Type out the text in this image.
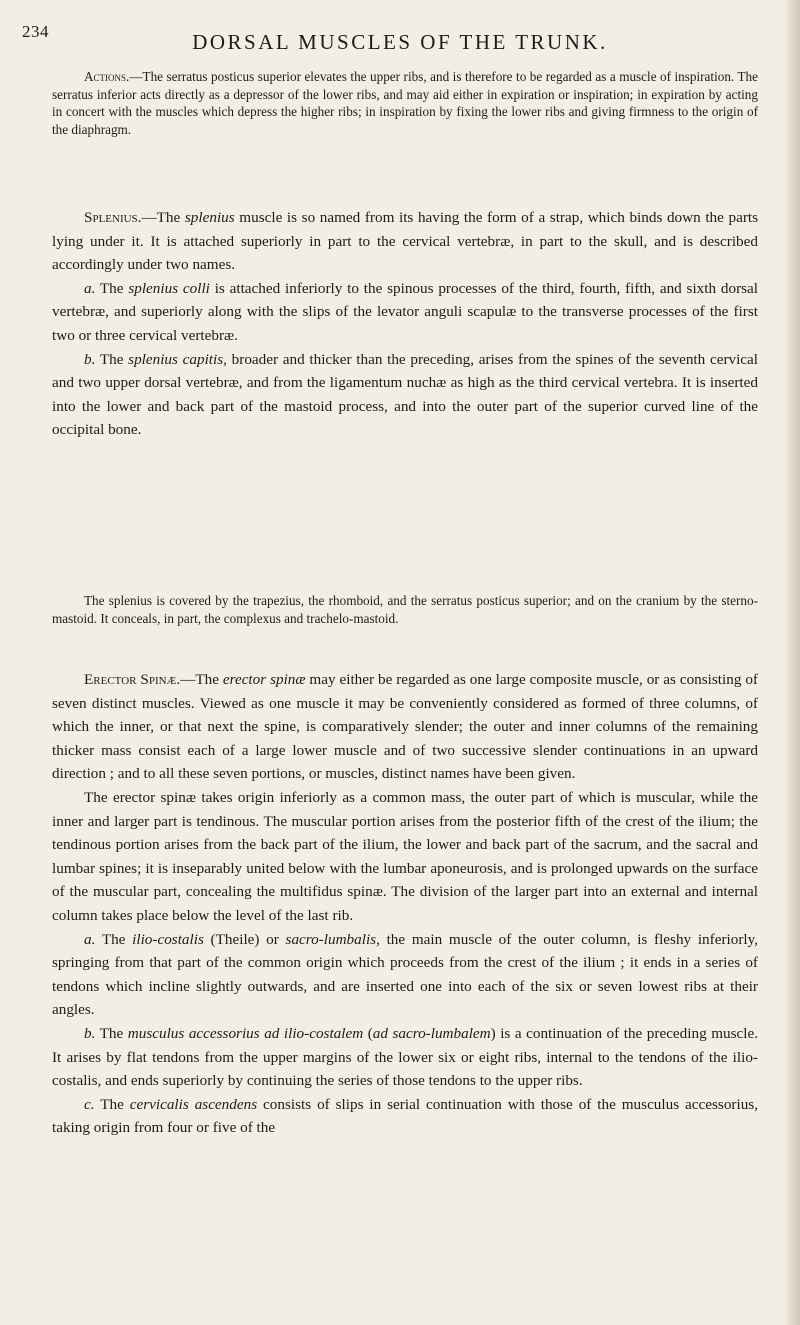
234	DORSAL MUSCLES OF THE TRUNK.

Actions.—The serratus posticus superior elevates the upper ribs, and is therefore to be regarded as a muscle of inspiration. The serratus inferior acts directly as a depressor of the lower ribs, and may aid either in expiration or inspiration; in expiration by acting in concert with the muscles which depress the higher ribs; in inspiration by fixing the lower ribs and giving firmness to the origin of the diaphragm.

Splenius.—The splenius muscle is so named from its having the form of a strap, which binds down the parts lying under it. It is attached superiorly in part to the cervical vertebræ, in part to the skull, and is described accordingly under two names.

a. The splenius colli is attached inferiorly to the spinous processes of the third, fourth, fifth, and sixth dorsal vertebræ, and superiorly along with the slips of the levator anguli scapulæ to the transverse processes of the first two or three cervical vertebræ.

b. The splenius capitis, broader and thicker than the preceding, arises from the spines of the seventh cervical and two upper dorsal vertebræ, and from the ligamentum nuchæ as high as the third cervical vertebra. It is inserted into the lower and back part of the mastoid process, and into the outer part of the superior curved line of the occipital bone.

The splenius is covered by the trapezius, the rhomboid, and the serratus posticus superior; and on the cranium by the sterno-mastoid. It conceals, in part, the complexus and trachelo-mastoid.

Erector Spinæ.—The erector spinæ may either be regarded as one large composite muscle, or as consisting of seven distinct muscles. Viewed as one muscle it may be conveniently considered as formed of three columns, of which the inner, or that next the spine, is comparatively slender; the outer and inner columns of the remaining thicker mass consist each of a large lower muscle and of two successive slender continuations in an upward direction ; and to all these seven portions, or muscles, distinct names have been given.

The erector spinæ takes origin inferiorly as a common mass, the outer part of which is muscular, while the inner and larger part is tendinous. The muscular portion arises from the posterior fifth of the crest of the ilium; the tendinous portion arises from the back part of the ilium, the lower and back part of the sacrum, and the sacral and lumbar spines; it is inseparably united below with the lumbar aponeurosis, and is prolonged upwards on the surface of the muscular part, concealing the multifidus spinæ. The division of the larger part into an external and internal column takes place below the level of the last rib.

a. The ilio-costalis (Theile) or sacro-lumbalis, the main muscle of the outer column, is fleshy inferiorly, springing from that part of the common origin which proceeds from the crest of the ilium ; it ends in a series of tendons which incline slightly outwards, and are inserted one into each of the six or seven lowest ribs at their angles.

b. The musculus accessorius ad ilio-costalem (ad sacro-lumbalem) is a continuation of the preceding muscle. It arises by flat tendons from the upper margins of the lower six or eight ribs, internal to the tendons of the ilio-costalis, and ends superiorly by continuing the series of those tendons to the upper ribs.

c. The cervicalis ascendens consists of slips in serial continuation with those of the musculus accessorius, taking origin from four or five of the
